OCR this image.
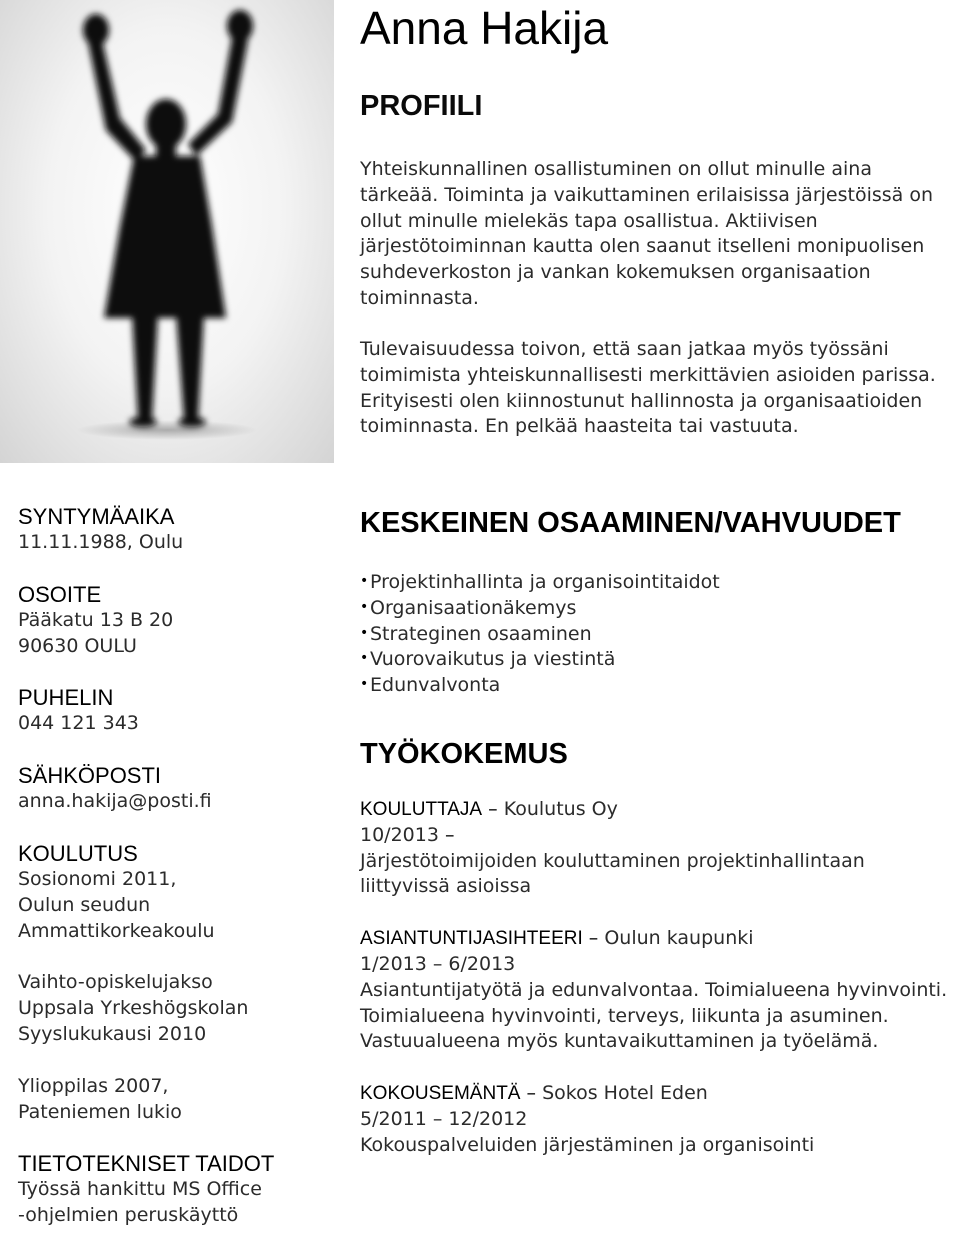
Anna Hakija
PROFIILI

Yhteiskunnallinen osallistuminen on ollut minulle aina tärkeää. Toiminta ja vaikuttaminen erilaisissa järjestöissä on ollut minulle mielekäs tapa osallistua. Aktiivisen järjestötoiminnan kautta olen saanut itselleni monipuolisen suhdeverkoston ja vankan kokemuksen organisaation toiminnasta.

Tulevaisuudessa toivon, että saan jatkaa myös työssäni toimimista yhteiskunnallisesti merkittävien asioiden parissa. Erityisesti olen kiinnostunut hallinnosta ja organisaatioiden toiminnasta. En pelkää haasteita tai vastuuta.

SYNTYMÄAIKA

11.11.1988, Oulu

OSOITE

Pääkatu 13 B 20

90630 OULU

PUHELIN

044 121 343

SÄHKÖPOSTI

anna.hakija@posti.fi

KOULUTUS

Sosionomi 2011,

Oulun seudun

Ammattikorkeakoulu

Vaihto-opiskelujakso

Uppsala Yrkeshögskolan

Syyslukukausi 2010

Ylioppilas 2007,

Pateniemen lukio

TIETOTEKNISET TAIDOT

Työssä hankittu MS Office

-ohjelmien peruskäyttö

KESKEINEN OSAAMINEN/VAHVUUDET
• Projektinhallinta ja organisointitaidot
• Organisaationäkemys
• Strateginen osaaminen
• Vuorovaikutus ja viestintä
• Edunvalvonta
TYÖKOKEMUS

KOULUTTAJA – Koulutus Oy

10/2013 –

Järjestötoimijoiden kouluttaminen projektinhallintaan liittyvissä asioissa

ASIANTUNTIJASIHTEERI – Oulun kaupunki

1/2013 – 6/2013

Asiantuntijatyötä ja edunvalvontaa. Toimialueena hyvinvointi. Toimialueena hyvinvointi, terveys, liikunta ja asuminen. Vastuualueena myös kuntavaikuttaminen ja työelämä.

KOKOUSEMÄNTÄ – Sokos Hotel Eden

5/2011 – 12/2012

Kokouspalveluiden järjestäminen ja organisointi
